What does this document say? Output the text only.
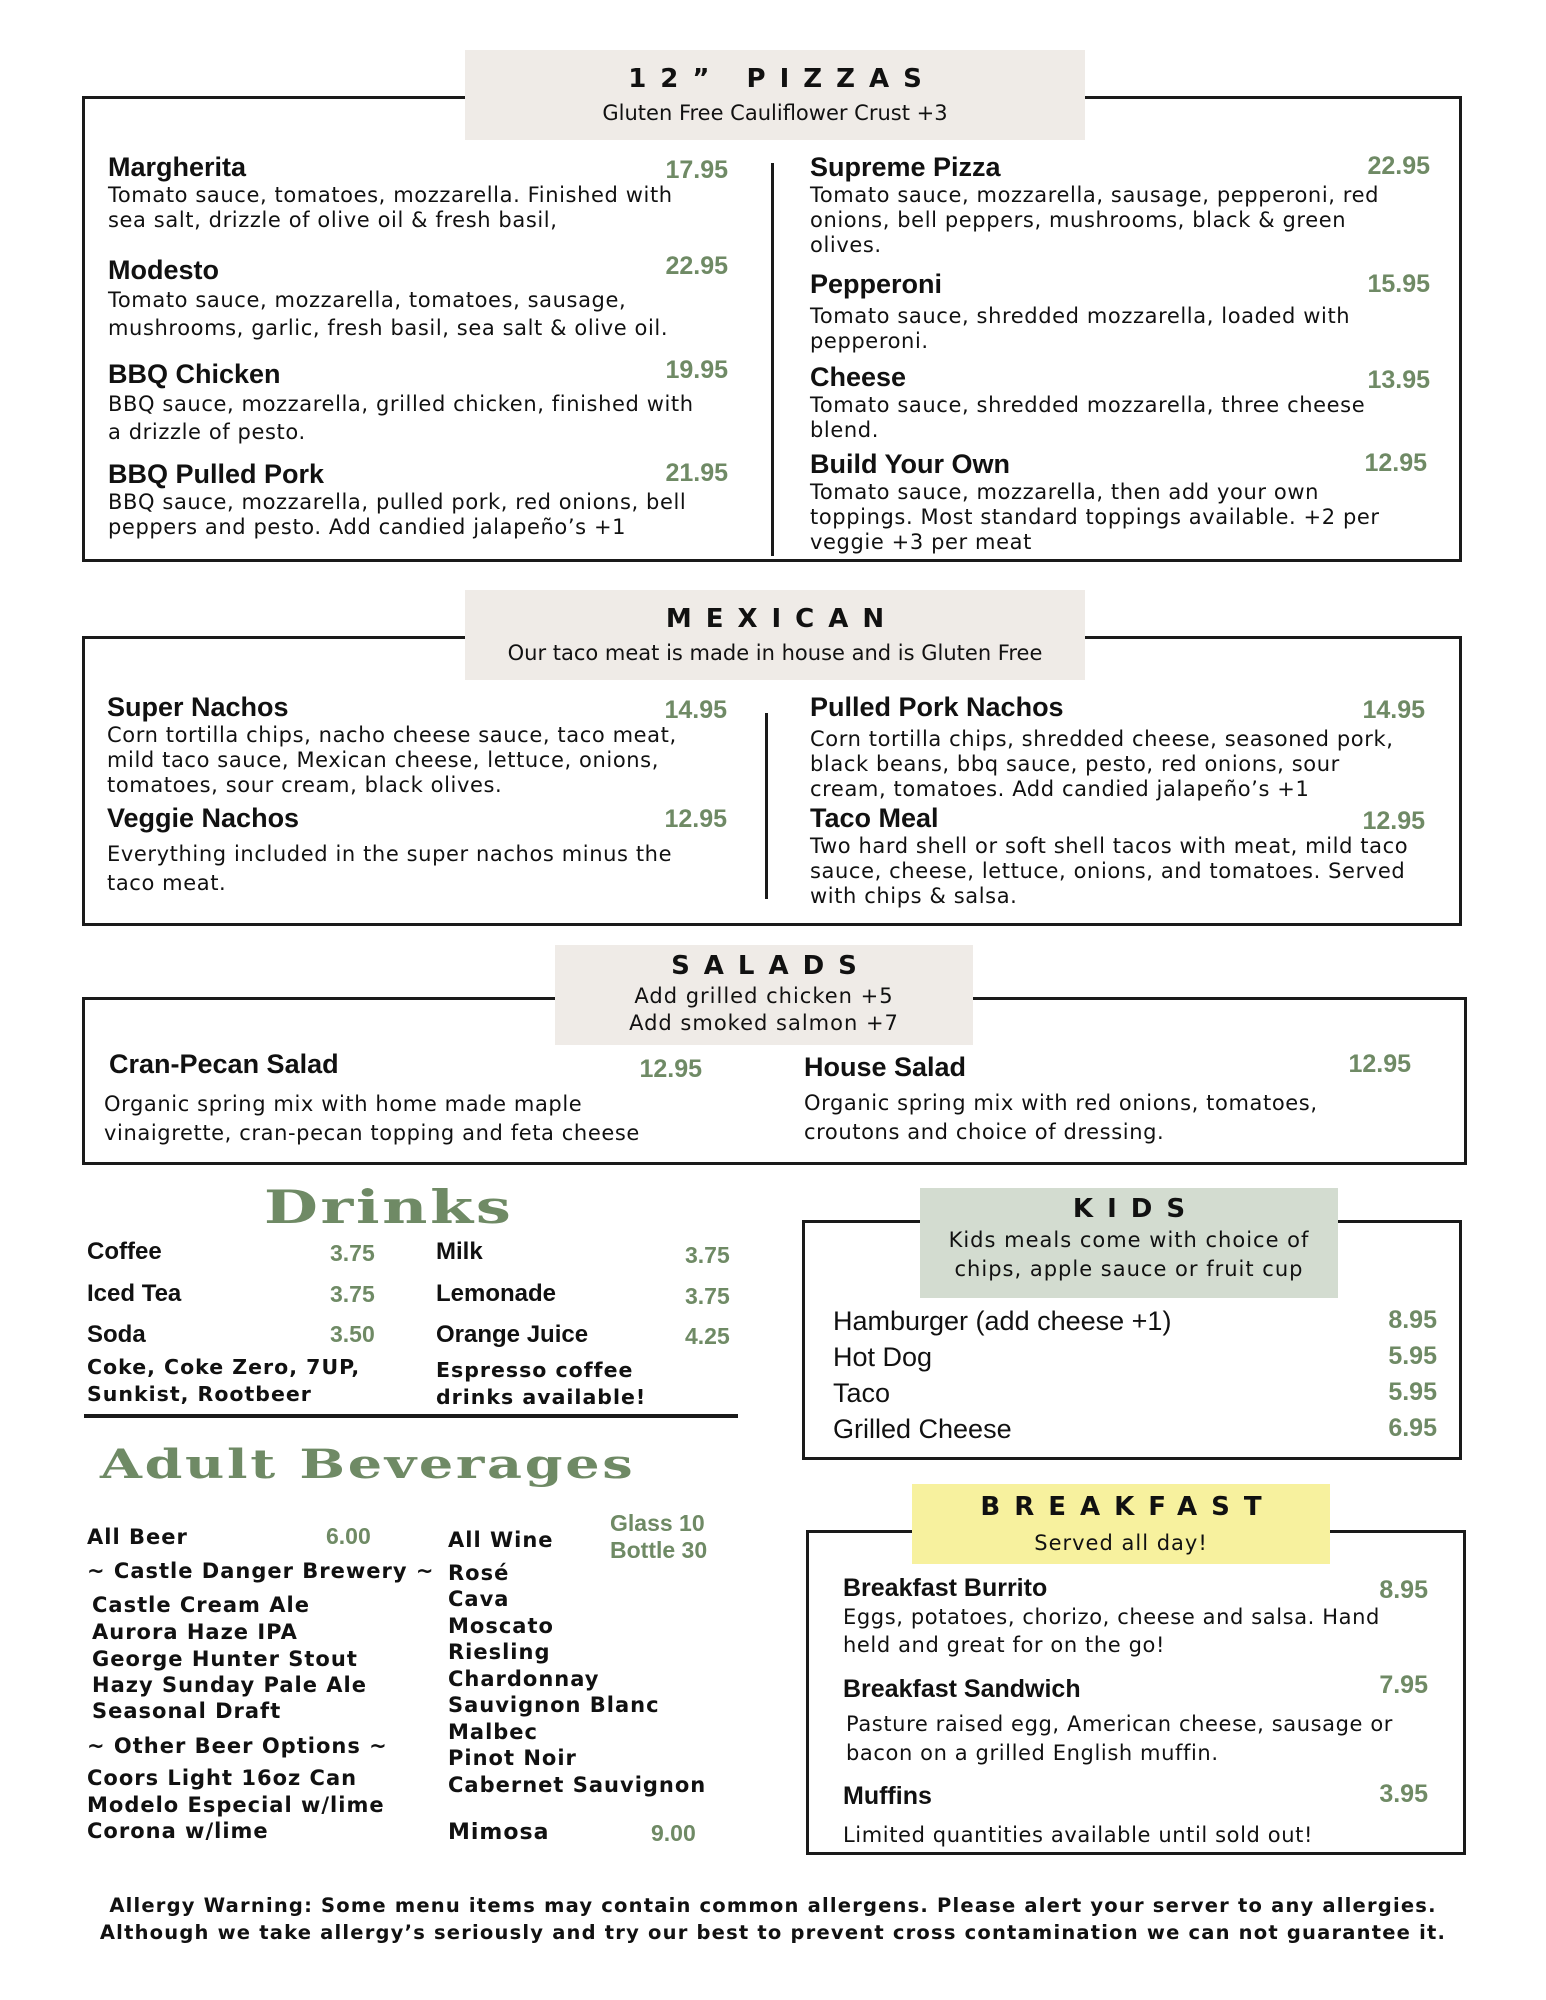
12” PIZZAS
Gluten Free Cauliflower Crust +3
Margherita	17.95
Tomato sauce, tomatoes, mozzarella. Finished with sea salt, drizzle of olive oil & fresh basil,
Modesto	22.95
Tomato sauce, mozzarella, tomatoes, sausage, mushrooms, garlic, fresh basil, sea salt & olive oil.
BBQ Chicken	19.95
BBQ sauce, mozzarella, grilled chicken, finished with a drizzle of pesto.
BBQ Pulled Pork	21.95
BBQ sauce, mozzarella, pulled pork, red onions, bell peppers and pesto. Add candied jalapeño’s +1
Supreme Pizza	22.95
Tomato sauce, mozzarella, sausage, pepperoni, red onions, bell peppers, mushrooms, black & green olives.
Pepperoni	15.95
Tomato sauce, shredded mozzarella, loaded with pepperoni.
Cheese	13.95
Tomato sauce, shredded mozzarella, three cheese blend.
Build Your Own	12.95
Tomato sauce, mozzarella, then add your own toppings. Most standard toppings available. +2 per veggie +3 per meat
MEXICAN
Our taco meat is made in house and is Gluten Free
Super Nachos	14.95
Corn tortilla chips, nacho cheese sauce, taco meat, mild taco sauce, Mexican cheese, lettuce, onions, tomatoes, sour cream, black olives.
Veggie Nachos	12.95
Everything included in the super nachos minus the taco meat.
Pulled Pork Nachos	14.95
Corn tortilla chips, shredded cheese, seasoned pork, black beans, bbq sauce, pesto, red onions, sour cream, tomatoes. Add candied jalapeño’s +1
Taco Meal	12.95
Two hard shell or soft shell tacos with meat, mild taco sauce, cheese, lettuce, onions, and tomatoes. Served with chips & salsa.
SALADS
Add grilled chicken +5
Add smoked salmon +7
Cran-Pecan Salad	12.95
Organic spring mix with home made maple vinaigrette, cran-pecan topping and feta cheese
House Salad	12.95
Organic spring mix with red onions, tomatoes, croutons and choice of dressing.
Drinks
Coffee	3.75
Iced Tea	3.75
Soda	3.50
Coke, Coke Zero, 7UP, Sunkist, Rootbeer
Milk	3.75
Lemonade	3.75
Orange Juice	4.25
Espresso coffee drinks available!
Adult Beverages
All Beer	6.00
~ Castle Danger Brewery ~
Castle Cream Ale
Aurora Haze IPA
George Hunter Stout
Hazy Sunday Pale Ale
Seasonal Draft
~ Other Beer Options ~
Coors Light 16oz Can
Modelo Especial w/lime
Corona w/lime
All Wine
Glass 10
Bottle 30
Rosé
Cava
Moscato
Riesling
Chardonnay
Sauvignon Blanc
Malbec
Pinot Noir
Cabernet Sauvignon
Mimosa	9.00
KIDS
Kids meals come with choice of
chips, apple sauce or fruit cup
Hamburger (add cheese +1)	8.95
Hot Dog	5.95
Taco	5.95
Grilled Cheese	6.95
BREAKFAST
Served all day!
Breakfast Burrito	8.95
Eggs, potatoes, chorizo, cheese and salsa. Hand held and great for on the go!
Breakfast Sandwich	7.95
Pasture raised egg, American cheese, sausage or bacon on a grilled English muffin.
Muffins	3.95
Limited quantities available until sold out!
Allergy Warning: Some menu items may contain common allergens. Please alert your server to any allergies.
Although we take allergy’s seriously and try our best to prevent cross contamination we can not guarantee it.
